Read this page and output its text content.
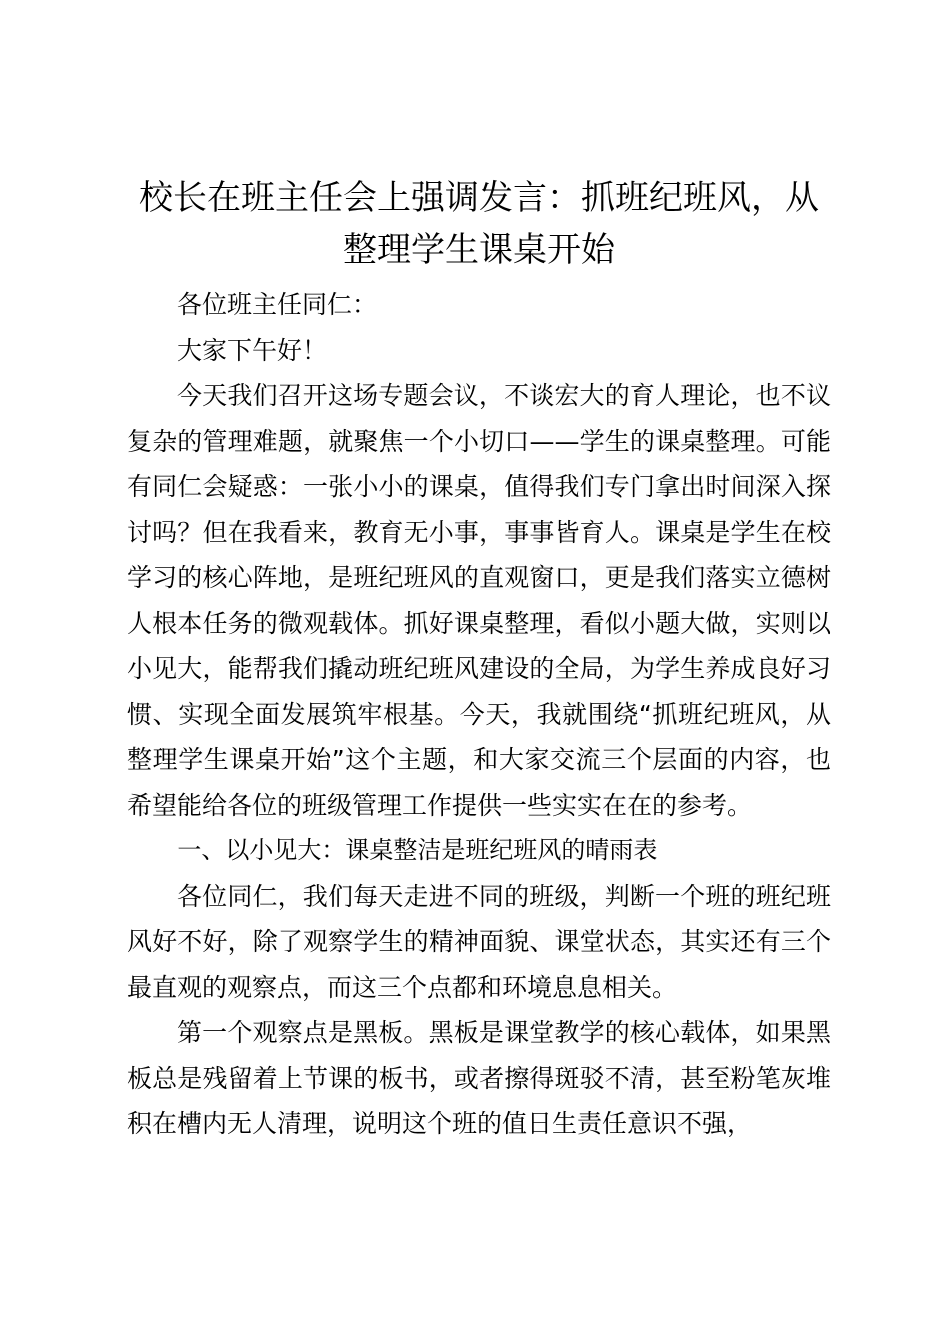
校长在班主任会上强调发言：抓班纪班风，从整理学生课桌开始

各位班主任同仁：

大家下午好！

今天我们召开这场专题会议，不谈宏大的育人理论，也不议复杂的管理难题，就聚焦一个小切口——学生的课桌整理。可能有同仁会疑惑：一张小小的课桌，值得我们专门拿出时间深入探讨吗？但在我看来，教育无小事，事事皆育人。课桌是学生在校学习的核心阵地，是班纪班风的直观窗口，更是我们落实立德树人根本任务的微观载体。抓好课桌整理，看似小题大做，实则以小见大，能帮我们撬动班纪班风建设的全局，为学生养成良好习惯、实现全面发展筑牢根基。今天，我就围绕“抓班纪班风，从整理学生课桌开始”这个主题，和大家交流三个层面的内容，也希望能给各位的班级管理工作提供一些实实在在的参考。

一、以小见大：课桌整洁是班纪班风的晴雨表

各位同仁，我们每天走进不同的班级，判断一个班的班纪班风好不好，除了观察学生的精神面貌、课堂状态，其实还有三个最直观的观察点，而这三个点都和环境息息相关。

第一个观察点是黑板。黑板是课堂教学的核心载体，如果黑板总是残留着上节课的板书，或者擦得斑驳不清，甚至粉笔灰堆积在槽内无人清理，说明这个班的值日生责任意识不强，
